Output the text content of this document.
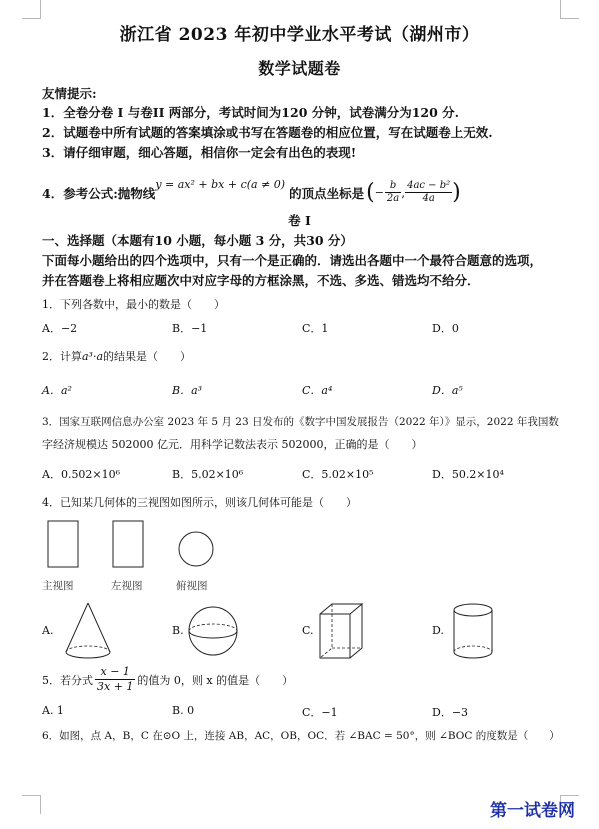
浙江省 2023 年初中学业水平考试（湖州市）
数学试题卷
友情提示:
1．全卷分卷 I 与卷II 两部分，考试时间为120 分钟，试卷满分为120 分.
2．试题卷中所有试题的答案填涂或书写在答题卷的相应位置，写在试题卷上无效.
3．请仔细审题，细心答题，相信你一定会有出色的表现!
4．参考公式:抛物线
y = ax² + bx + c(a ≠ 0)
的顶点坐标是 ( − $\frac{b}{2a}$ , $\frac{\text{4ac − b²}}{4a}$ )
卷 I
一、选择题（本题有10 小题，每小题 3 分，共30 分）
下面每小题给出的四个选项中，只有一个是正确的．请选出各题中一个最符合题意的选项，
并在答题卷上将相应题次中对应字母的方框涂黑，不选、多选、错选均不给分．
1．下列各数中，最小的数是（　　）
A．−2	B．−1	C．1	D．0
2．计算a³·a的结果是（　　）
A．a²	B．a³	C．a⁴	D．a⁵
3．国家互联网信息办公室 2023 年 5 月 23 日发布的《数字中国发展报告（2022 年）》显示，2022 年我国数
字经济规模达 502000 亿元．用科学记数法表示 502000，正确的是（　　）
A．0.502×10⁶	B．5.02×10⁶	C．5.02×10⁵	D．50.2×10⁴
4．已知某几何体的三视图如图所示，则该几何体可能是（　　）
主视图	左视图	俯视图
A.	B.	C.	D.
5．若分式 $\frac{x - 1}{3x + 1}$ 的值为 0，则 x 的值是（　　）
A. 1	B. 0	C．−1	D．−3
6．如图，点 A，B，C 在⊙O 上，连接 AB，AC，OB，OC．若 ∠BAC = 50°，则 ∠BOC 的度数是（　　）
第一试卷网
